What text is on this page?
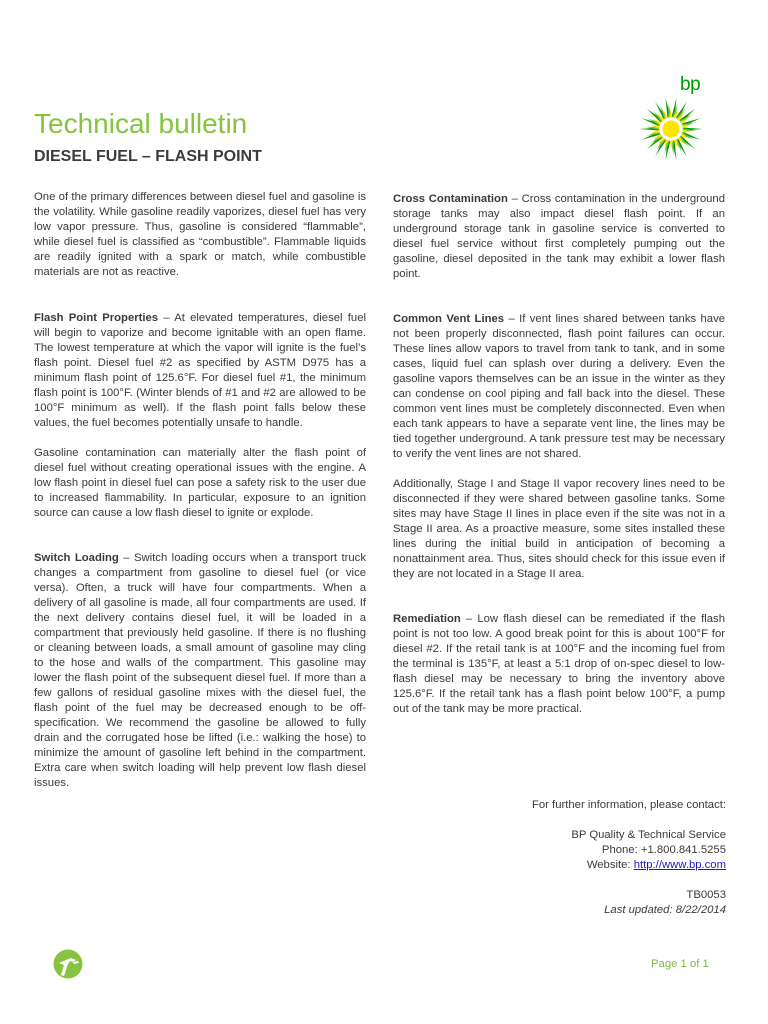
bp
Technical bulletin
DIESEL FUEL – FLASH POINT

One of the primary differences between diesel fuel and gasoline is the volatility. While gasoline readily vaporizes, diesel fuel has very low vapor pressure. Thus, gasoline is considered “flammable”, while diesel fuel is classified as “combustible”. Flammable liquids are readily ignited with a spark or match, while combustible materials are not as reactive.

Flash Point Properties – At elevated temperatures, diesel fuel will begin to vaporize and become ignitable with an open flame. The lowest temperature at which the vapor will ignite is the fuel’s flash point. Diesel fuel #2 as specified by ASTM D975 has a minimum flash point of 125.6°F. For diesel fuel #1, the minimum flash point is 100°F. (Winter blends of #1 and #2 are allowed to be 100°F minimum as well). If the flash point falls below these values, the fuel becomes potentially unsafe to handle.

Gasoline contamination can materially alter the flash point of diesel fuel without creating operational issues with the engine. A low flash point in diesel fuel can pose a safety risk to the user due to increased flammability. In particular, exposure to an ignition source can cause a low flash diesel to ignite or explode.

Switch Loading – Switch loading occurs when a transport truck changes a compartment from gasoline to diesel fuel (or vice versa). Often, a truck will have four compartments. When a delivery of all gasoline is made, all four compartments are used. If the next delivery contains diesel fuel, it will be loaded in a compartment that previously held gasoline. If there is no flushing or cleaning between loads, a small amount of gasoline may cling to the hose and walls of the compartment. This gasoline may lower the flash point of the subsequent diesel fuel. If more than a few gallons of residual gasoline mixes with the diesel fuel, the flash point of the fuel may be decreased enough to be off-specification. We recommend the gasoline be allowed to fully drain and the corrugated hose be lifted (i.e.: walking the hose) to minimize the amount of gasoline left behind in the compartment. Extra care when switch loading will help prevent low flash diesel issues.

Cross Contamination – Cross contamination in the underground storage tanks may also impact diesel flash point. If an underground storage tank in gasoline service is converted to diesel fuel service without first completely pumping out the gasoline, diesel deposited in the tank may exhibit a lower flash point.

Common Vent Lines – If vent lines shared between tanks have not been properly disconnected, flash point failures can occur. These lines allow vapors to travel from tank to tank, and in some cases, liquid fuel can splash over during a delivery. Even the gasoline vapors themselves can be an issue in the winter as they can condense on cool piping and fall back into the diesel. These common vent lines must be completely disconnected. Even when each tank appears to have a separate vent line, the lines may be tied together underground. A tank pressure test may be necessary to verify the vent lines are not shared.

Additionally, Stage I and Stage II vapor recovery lines need to be disconnected if they were shared between gasoline tanks. Some sites may have Stage II lines in place even if the site was not in a Stage II area. As a proactive measure, some sites installed these lines during the initial build in anticipation of becoming a nonattainment area. Thus, sites should check for this issue even if they are not located in a Stage II area.

Remediation – Low flash diesel can be remediated if the flash point is not too low. A good break point for this is about 100°F for diesel #2. If the retail tank is at 100°F and the incoming fuel from the terminal is 135°F, at least a 5:1 drop of on-spec diesel to low-flash diesel may be necessary to bring the inventory above 125.6°F. If the retail tank has a flash point below 100°F, a pump out of the tank may be more practical.

For further information, please contact:
BP Quality & Technical Service
Phone: +1.800.841.5255
Website: http://www.bp.com
TB0053
Last updated: 8/22/2014
Page 1 of 1
